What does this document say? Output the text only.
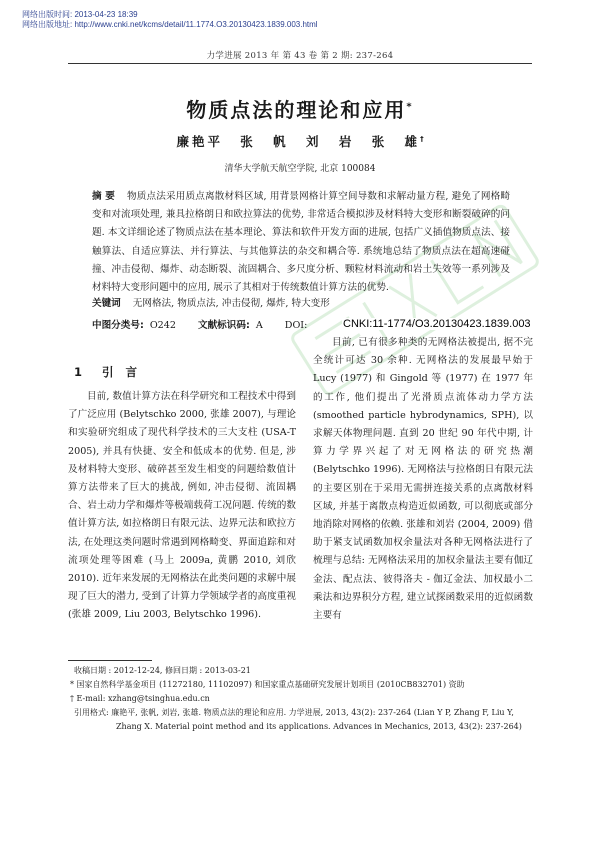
网络出版时间: 2013-04-23 18:39
网络出版地址: http://www.cnki.net/kcms/detail/11.1774.O3.20130423.1839.003.html
力学进展 2013 年 第 43 卷 第 2 期: 237-264
物质点法的理论和应用*
廉艳平 张 帆 刘 岩 张 雄†
清华大学航天航空学院, 北京 100084
摘 要 物质点法采用质点离散材料区域, 用背景网格计算空间导数和求解动量方程, 避免了网格畸变和对流项处理, 兼具拉格朗日和欧拉算法的优势, 非常适合模拟涉及材料特大变形和断裂破碎的问题. 本文详细论述了物质点法在基本理论、算法和软件开发方面的进展, 包括广义插值物质点法、接触算法、自适应算法、并行算法、与其他算法的杂交和耦合等. 系统地总结了物质点法在超高速碰撞、冲击侵彻、爆炸、动态断裂、流固耦合、多尺度分析、颗粒材料流动和岩土失效等一系列涉及材料特大变形问题中的应用, 展示了其相对于传统数值计算方法的优势.
关键词 无网格法, 物质点法, 冲击侵彻, 爆炸, 特大变形
中图分类号: O242 文献标识码: A DOI:	CNKI:11-1774/O3.20130423.1839.003
1 引 言
目前, 数值计算方法在科学研究和工程技术中得到了广泛应用 (Belytschko 2000, 张雄 2007), 与理论和实验研究组成了现代科学技术的三大支柱 (USA-T 2005), 并具有快捷、安全和低成本的优势. 但是, 涉及材料特大变形、破碎甚至发生相变的问题给数值计算方法带来了巨大的挑战, 例如, 冲击侵彻、流固耦合、岩土动力学和爆炸等极端载荷工况问题. 传统的数值计算方法, 如拉格朗日有限元法、边界元法和欧拉方法, 在处理这类问题时常遇到网格畸变、界面追踪和对流项处理等困难 (马上 2009a, 黄鹏 2010, 刘欣 2010). 近年来发展的无网格法在此类问题的求解中展现了巨大的潜力, 受到了计算力学领域学者的高度重视 (张雄 2009, Liu 2003, Belytschko 1996).
目前, 已有很多种类的无网格法被提出, 据不完全统计可达 30 余种. 无网格法的发展最早始于 Lucy (1977) 和 Gingold 等 (1977) 在 1977 年的工作, 他们提出了光滑质点流体动力学方法 (smoothed particle hybrodynamics, SPH), 以求解天体物理问题. 直到 20 世纪 90 年代中期, 计算力学界兴起了对无网格法的研究热潮 (Belytschko 1996). 无网格法与拉格朗日有限元法的主要区别在于采用无需拼连接关系的点离散材料区域, 并基于离散点构造近似函数, 可以彻底或部分地消除对网格的依赖. 张雄和刘岩 (2004, 2009) 借助于紧支试函数加权余量法对各种无网格法进行了梳理与总结: 无网格法采用的加权余量法主要有伽辽金法、配点法、彼得洛夫 - 伽辽金法、加权最小二乘法和边界积分方程, 建立试探函数采用的近似函数主要有
收稿日期 : 2012-12-24, 修回日期 : 2013-03-21
* 国家自然科学基金项目 (11272180, 11102097) 和国家重点基础研究发展计划项目 (2010CB832701) 资助
† E-mail: xzhang@tsinghua.edu.cn
引用格式: 廉艳平, 张帆, 刘岩, 张雄. 物质点法的理论和应用. 力学进展, 2013, 43(2): 237-264 (Lian Y P, Zhang F, Liu Y,
Zhang X. Material point method and its applications. Advances in Mechanics, 2013, 43(2): 237-264)
